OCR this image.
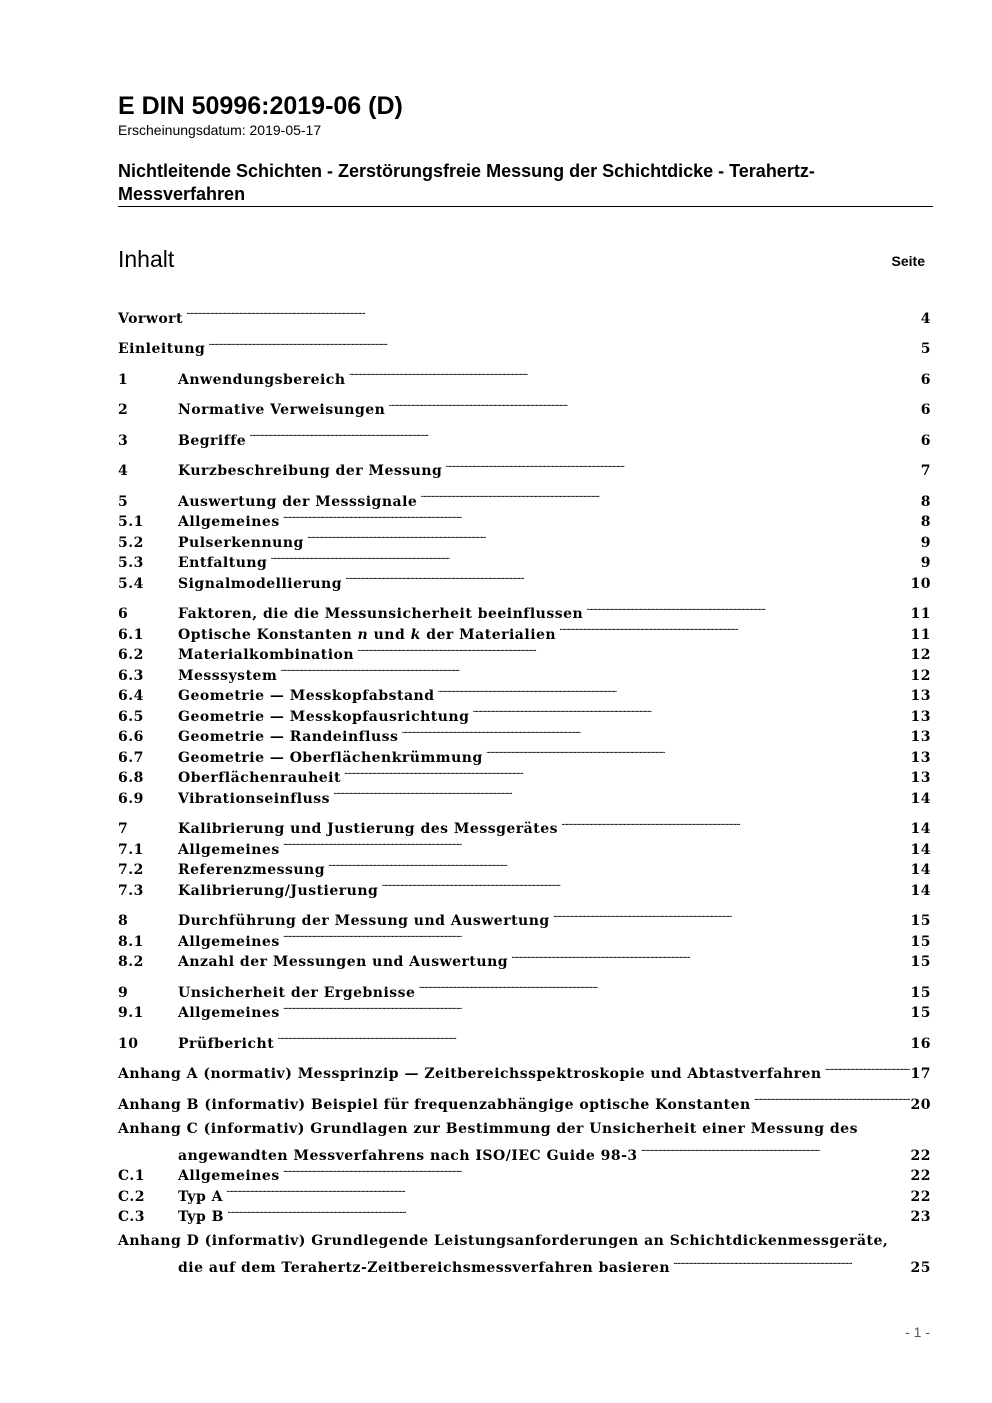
E DIN 50996:2019-06 (D)
Erscheinungsdatum: 2019-05-17
Nichtleitende Schichten - Zerstörungsfreie Messung der Schichtdicke - Terahertz-Messverfahren
Inhalt	Seite
Vorwort . . .	4
Einleitung . . .	5
1	Anwendungsbereich . . .	6
2	Normative Verweisungen . . .	6
3	Begriffe . . .	6
4	Kurzbeschreibung der Messung . . .	7
5	Auswertung der Messsignale . . .	8
5.1	Allgemeines . . .	8
5.2	Pulserkennung . . .	9
5.3	Entfaltung . . .	9
5.4	Signalmodellierung . . .	10
6	Faktoren, die die Messunsicherheit beeinflussen . . .	11
6.1	Optische Konstanten n und k der Materialien . . .	11
6.2	Materialkombination . . .	12
6.3	Messsystem . . .	12
6.4	Geometrie — Messkopfabstand . . .	13
6.5	Geometrie — Messkopfausrichtung . . .	13
6.6	Geometrie — Randeinfluss . . .	13
6.7	Geometrie — Oberflächenkrümmung . . .	13
6.8	Oberflächenrauheit . . .	13
6.9	Vibrationseinfluss . . .	14
7	Kalibrierung und Justierung des Messgerätes . . .	14
7.1	Allgemeines . . .	14
7.2	Referenzmessung . . .	14
7.3	Kalibrierung/Justierung . . .	14
8	Durchführung der Messung und Auswertung . . .	15
8.1	Allgemeines . . .	15
8.2	Anzahl der Messungen und Auswertung . . .	15
9	Unsicherheit der Ergebnisse . . .	15
9.1	Allgemeines . . .	15
10	Prüfbericht . . .	16
Anhang A (normativ) Messprinzip — Zeitbereichsspektroskopie und Abtastverfahren . . .	17
Anhang B (informativ) Beispiel für frequenzabhängige optische Konstanten . . .	20
Anhang C (informativ) Grundlagen zur Bestimmung der Unsicherheit einer Messung des
angewandten Messverfahrens nach ISO/IEC Guide 98-3 . . .	22
C.1	Allgemeines . . .	22
C.2	Typ A . . .	22
C.3	Typ B . . .	23
Anhang D (informativ) Grundlegende Leistungsanforderungen an Schichtdickenmessgeräte,
die auf dem Terahertz-Zeitbereichsmessverfahren basieren . . .	25
- 1 -
